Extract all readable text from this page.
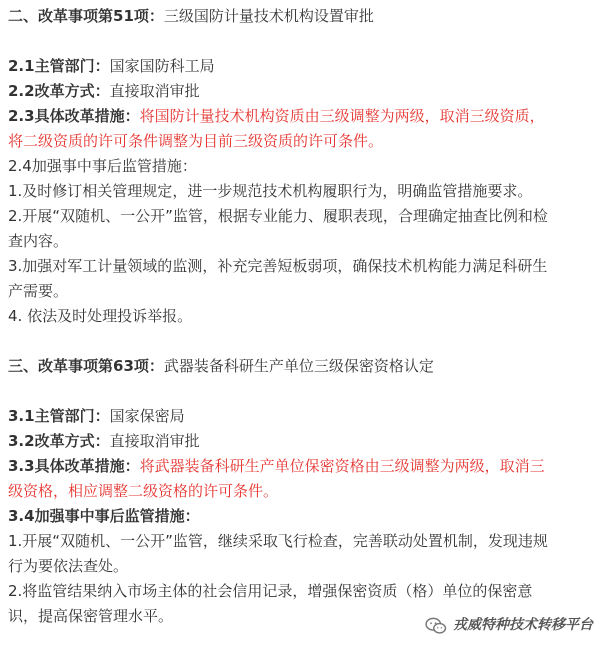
二、改革事项第51项：三级国防计量技术机构设置审批
2.1主管部门：国家国防科工局
2.2改革方式：直接取消审批
2.3具体改革措施：将国防计量技术机构资质由三级调整为两级，取消三级资质，
将二级资质的许可条件调整为目前三级资质的许可条件。
2.4加强事中事后监管措施：
1.及时修订相关管理规定，进一步规范技术机构履职行为，明确监管措施要求。
2.开展“双随机、一公开”监管，根据专业能力、履职表现，合理确定抽查比例和检
查内容。
3.加强对军工计量领域的监测，补充完善短板弱项，确保技术机构能力满足科研生
产需要。
4. 依法及时处理投诉举报。
三、改革事项第63项：武器装备科研生产单位三级保密资格认定
3.1主管部门：国家保密局
3.2改革方式：直接取消审批
3.3具体改革措施：将武器装备科研生产单位保密资格由三级调整为两级，取消三
级资格，相应调整二级资格的许可条件。
3.4加强事中事后监管措施：
1.开展“双随机、一公开”监管，继续采取飞行检查，完善联动处置机制，发现违规
行为要依法查处。
2.将监管结果纳入市场主体的社会信用记录，增强保密资质（格）单位的保密意
识，提高保密管理水平。	戎威特种技术转移平台
